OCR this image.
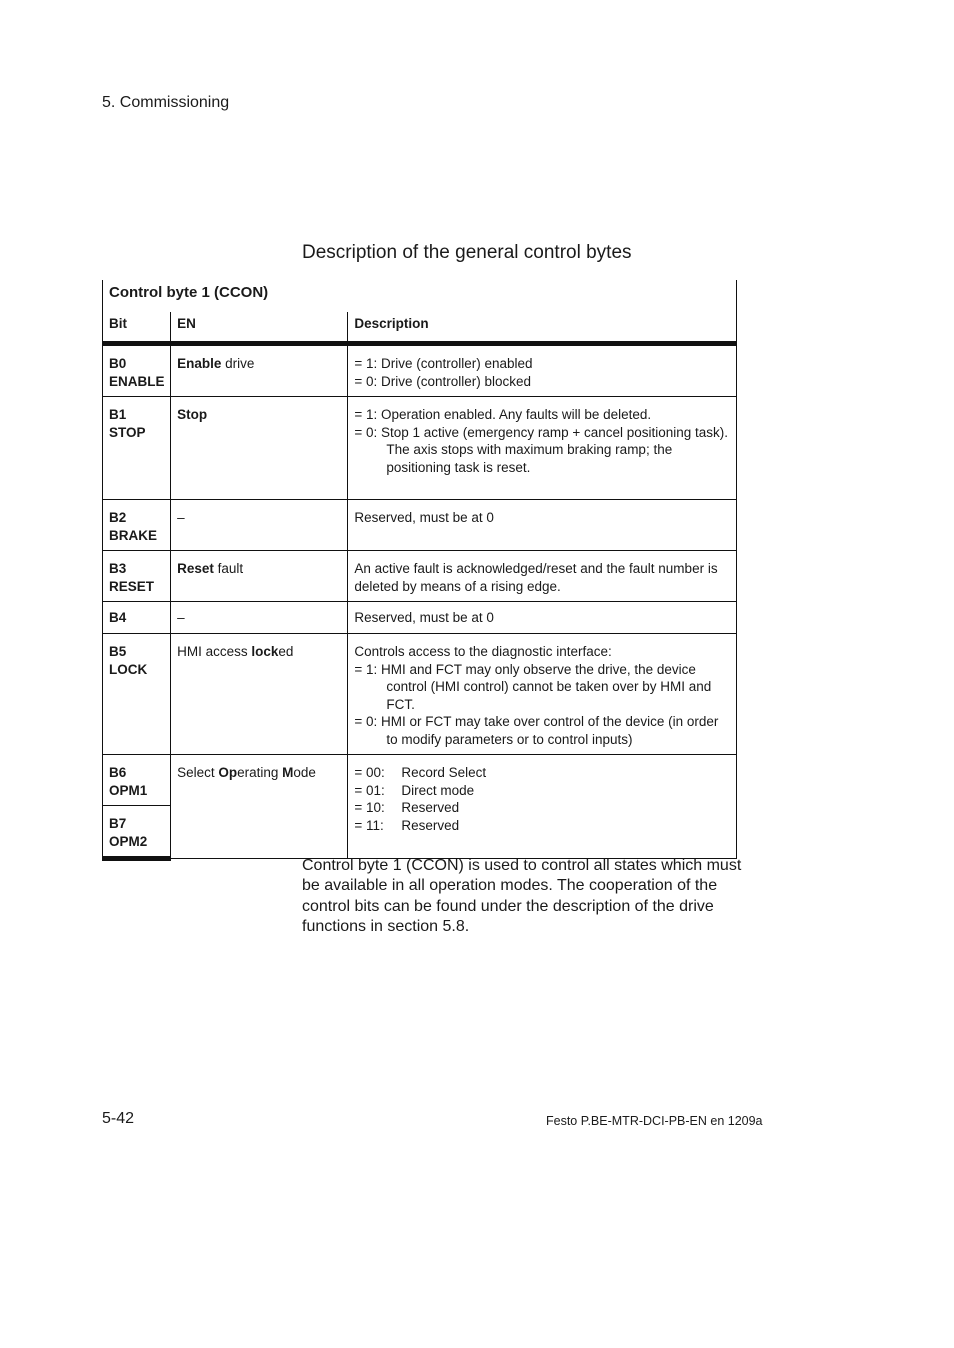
5. Commissioning
Description of the general control bytes
Control byte 1 (CCON)		
Bit	EN	Description

B0
ENABLE	Enable drive	= 1: Drive (controller) enabled
= 0: Drive (controller) blocked

B1
STOP	Stop	= 1: Operation enabled. Any faults will be deleted.
= 0: Stop 1 active (emergency ramp + cancel positioning task). The axis stops with maximum braking ramp; the positioning task is reset.

B2
BRAKE	–	Reserved, must be at 0

B3
RESET	Reset fault	An active fault is acknowledged/reset and the fault number is deleted by means of a rising edge.

B4	–	Reserved, must be at 0

B5
LOCK	HMI access locked	Controls access to the diagnostic interface:
= 1: HMI and FCT may only observe the drive, the device control (HMI control) cannot be taken over by HMI and FCT.
= 0: HMI or FCT may take over control of the device (in order to modify parameters or to control inputs)

B6
OPM1	Select Operating Mode	= 00: Record Select
= 01: Direct mode
= 10: Reserved
= 11: Reserved

B7
OPM2		
Control byte 1 (CCON) is used to control all states which must be available in all operation modes. The cooperation of the control bits can be found under the description of the drive functions in section 5.8.
5-42	Festo P.BE-MTR-DCI-PB-EN en 1209a
